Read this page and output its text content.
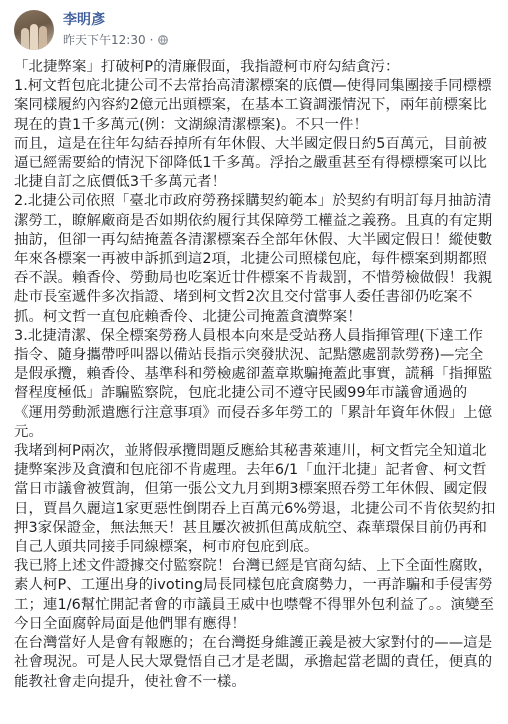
李明彥
昨天下午12:30 ·

「北捷弊案」打破柯P的清廉假面，我指證柯市府勾結貪污：

1.柯文哲包庇北捷公司不去常抬高清潔標案的底價—使得同集團接手同標標案同樣履約內容約2億元出頭標案，在基本工資調漲情況下，兩年前標案比現在的貴1千多萬元(例：文湖線清潔標案)。不只一件！

而且，這是在往年勾結吞掉所有年休假、大半國定假日約5百萬元，目前被逼已經需要給的情況下卻降低1千多萬。浮抬之嚴重甚至有得標標案可以比北捷自訂之底價低3千多萬元者！

2.北捷公司依照「臺北市政府勞務採購契約範本」於契約有明訂每月抽訪清潔勞工，瞭解廠商是否如期依約履行其保障勞工權益之義務。且真的有定期抽訪，但卻一再勾結掩蓋各清潔標案吞全部年休假、大半國定假日！縱使數年來各標案一再被申訴抓到這2項，北捷公司照樣包庇，每件標案到期都照吞不誤。賴香伶、勞動局也吃案近廿件標案不肯裁罰，不惜勞檢做假！我親赴市長室遞件多次指證、堵到柯文哲2次且交付當事人委任書卻仍吃案不抓。柯文哲一直包庇賴香伶、北捷公司掩蓋貪瀆弊案！

3.北捷清潔、保全標案勞務人員根本向來是受站務人員指揮管理(下達工作指令、隨身攜帶呼叫器以備站長指示突發狀況、記點懲處罰款勞務)—完全是假承攬，賴香伶、基準科和勞檢處卻蓋章欺騙掩蓋此事實，謊稱「指揮監督程度極低」詐騙監察院，包庇北捷公司不遵守民國99年市議會通過的《運用勞動派遣應行注意事項》而侵吞多年勞工的「累計年資年休假」上億元。

我堵到柯P兩次，並將假承攬問題反應給其秘書萊連川，柯文哲完全知道北捷弊案涉及貪瀆和包庇卻不肯處理。去年6/1「血汗北捷」記者會、柯文哲當日市議會被質詢，但第一張公文九月到期3標案照吞勞工年休假、國定假日，賈昌久麗這1家更惡性倒閉吞上百萬元6%勞退，北捷公司不肯依契約扣押3家保證金，無法無天！甚且屢次被抓但萬成航空、森華環保目前仍再和自己人頭共同接手同線標案，柯市府包庇到底。

我已將上述文件證據交付監察院！台灣已經是官商勾結、上下全面性腐敗，素人柯P、工運出身的ivoting局長同樣包庇貪腐勢力，一再詐騙和手侵害勞工；連1/6幫忙開記者會的市議員王威中也噤聲不得罪外包利益了。。演變至今日全面腐幹局面是他們罪有應得！

在台灣當好人是會有報應的；在台灣挺身維護正義是被大家對付的——這是社會現況。可是人民大眾覺悟自己才是老闆，承擔起當老闆的責任，便真的能教社會走向提升，使社會不一樣。
